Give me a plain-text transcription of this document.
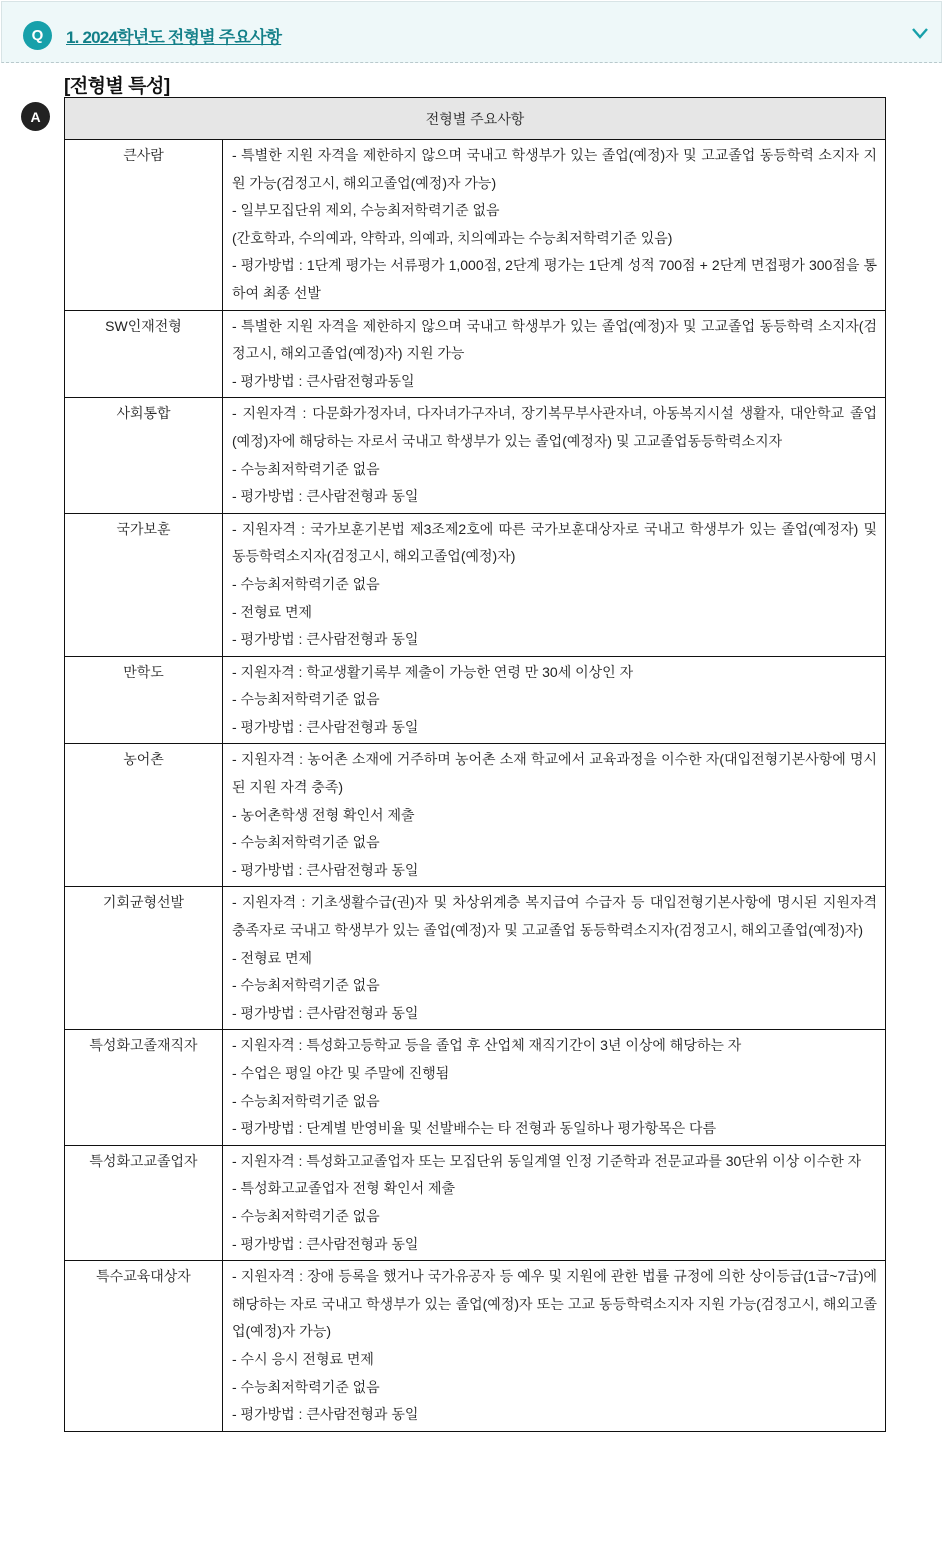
Q	1. 2024학년도 전형별 주요사항
[전형별 특성]
A	전형별 주요사항	
큰사람	- 특별한 지원 자격을 제한하지 않으며 국내고 학생부가 있는 졸업(예정)자 및 고교졸업 동등학력 소지자 지원 가능(검정고시, 해외고졸업(예정)자 가능)

- 일부모집단위 제외, 수능최저학력기준 없음

(간호학과, 수의예과, 약학과, 의예과, 치의예과는 수능최저학력기준 있음)

- 평가방법 : 1단계 평가는 서류평가 1,000점, 2단계 평가는 1단계 성적 700점 + 2단계 면접평가 300점을 통하여 최종 선발

SW인재전형	- 특별한 지원 자격을 제한하지 않으며 국내고 학생부가 있는 졸업(예정)자 및 고교졸업 동등학력 소지자(검정고시, 해외고졸업(예정)자) 지원 가능

- 평가방법 : 큰사람전형과동일

사회통합	- 지원자격 : 다문화가정자녀, 다자녀가구자녀, 장기복무부사관자녀, 아동복지시설 생활자, 대안학교 졸업(예정)자에 해당하는 자로서 국내고 학생부가 있는 졸업(예정자) 및 고교졸업동등학력소지자

- 수능최저학력기준 없음

- 평가방법 : 큰사람전형과 동일

국가보훈	- 지원자격 : 국가보훈기본법 제3조제2호에 따른 국가보훈대상자로 국내고 학생부가 있는 졸업(예정자) 및 동등학력소지자(검정고시, 해외고졸업(예정)자)

- 수능최저학력기준 없음

- 전형료 면제

- 평가방법 : 큰사람전형과 동일

만학도	- 지원자격 : 학교생활기록부 제출이 가능한 연령 만 30세 이상인 자

- 수능최저학력기준 없음

- 평가방법 : 큰사람전형과 동일

농어촌	- 지원자격 : 농어촌 소재에 거주하며 농어촌 소재 학교에서 교육과정을 이수한 자(대입전형기본사항에 명시된 지원 자격 충족)

- 농어촌학생 전형 확인서 제출

- 수능최저학력기준 없음

- 평가방법 : 큰사람전형과 동일

기회균형선발	- 지원자격 : 기초생활수급(권)자 및 차상위계층 복지급여 수급자 등 대입전형기본사항에 명시된 지원자격 충족자로 국내고 학생부가 있는 졸업(예정)자 및 고교졸업 동등학력소지자(검정고시, 해외고졸업(예정)자)

- 전형료 면제

- 수능최저학력기준 없음

- 평가방법 : 큰사람전형과 동일

특성화고졸재직자	- 지원자격 : 특성화고등학교 등을 졸업 후 산업체 재직기간이 3년 이상에 해당하는 자

- 수업은 평일 야간 및 주말에 진행됨

- 수능최저학력기준 없음

- 평가방법 : 단계별 반영비율 및 선발배수는 타 전형과 동일하나 평가항목은 다름

특성화고교졸업자	- 지원자격 : 특성화고교졸업자 또는 모집단위 동일계열 인정 기준학과 전문교과를 30단위 이상 이수한 자

- 특성화고교졸업자 전형 확인서 제출

- 수능최저학력기준 없음

- 평가방법 : 큰사람전형과 동일

특수교육대상자	- 지원자격 : 장애 등록을 했거나 국가유공자 등 예우 및 지원에 관한 법률 규정에 의한 상이등급(1급~7급)에 해당하는 자로 국내고 학생부가 있는 졸업(예정)자 또는 고교 동등학력소지자 지원 가능(검정고시, 해외고졸업(예정)자 가능)

- 수시 응시 전형료 면제

- 수능최저학력기준 없음

- 평가방법 : 큰사람전형과 동일
